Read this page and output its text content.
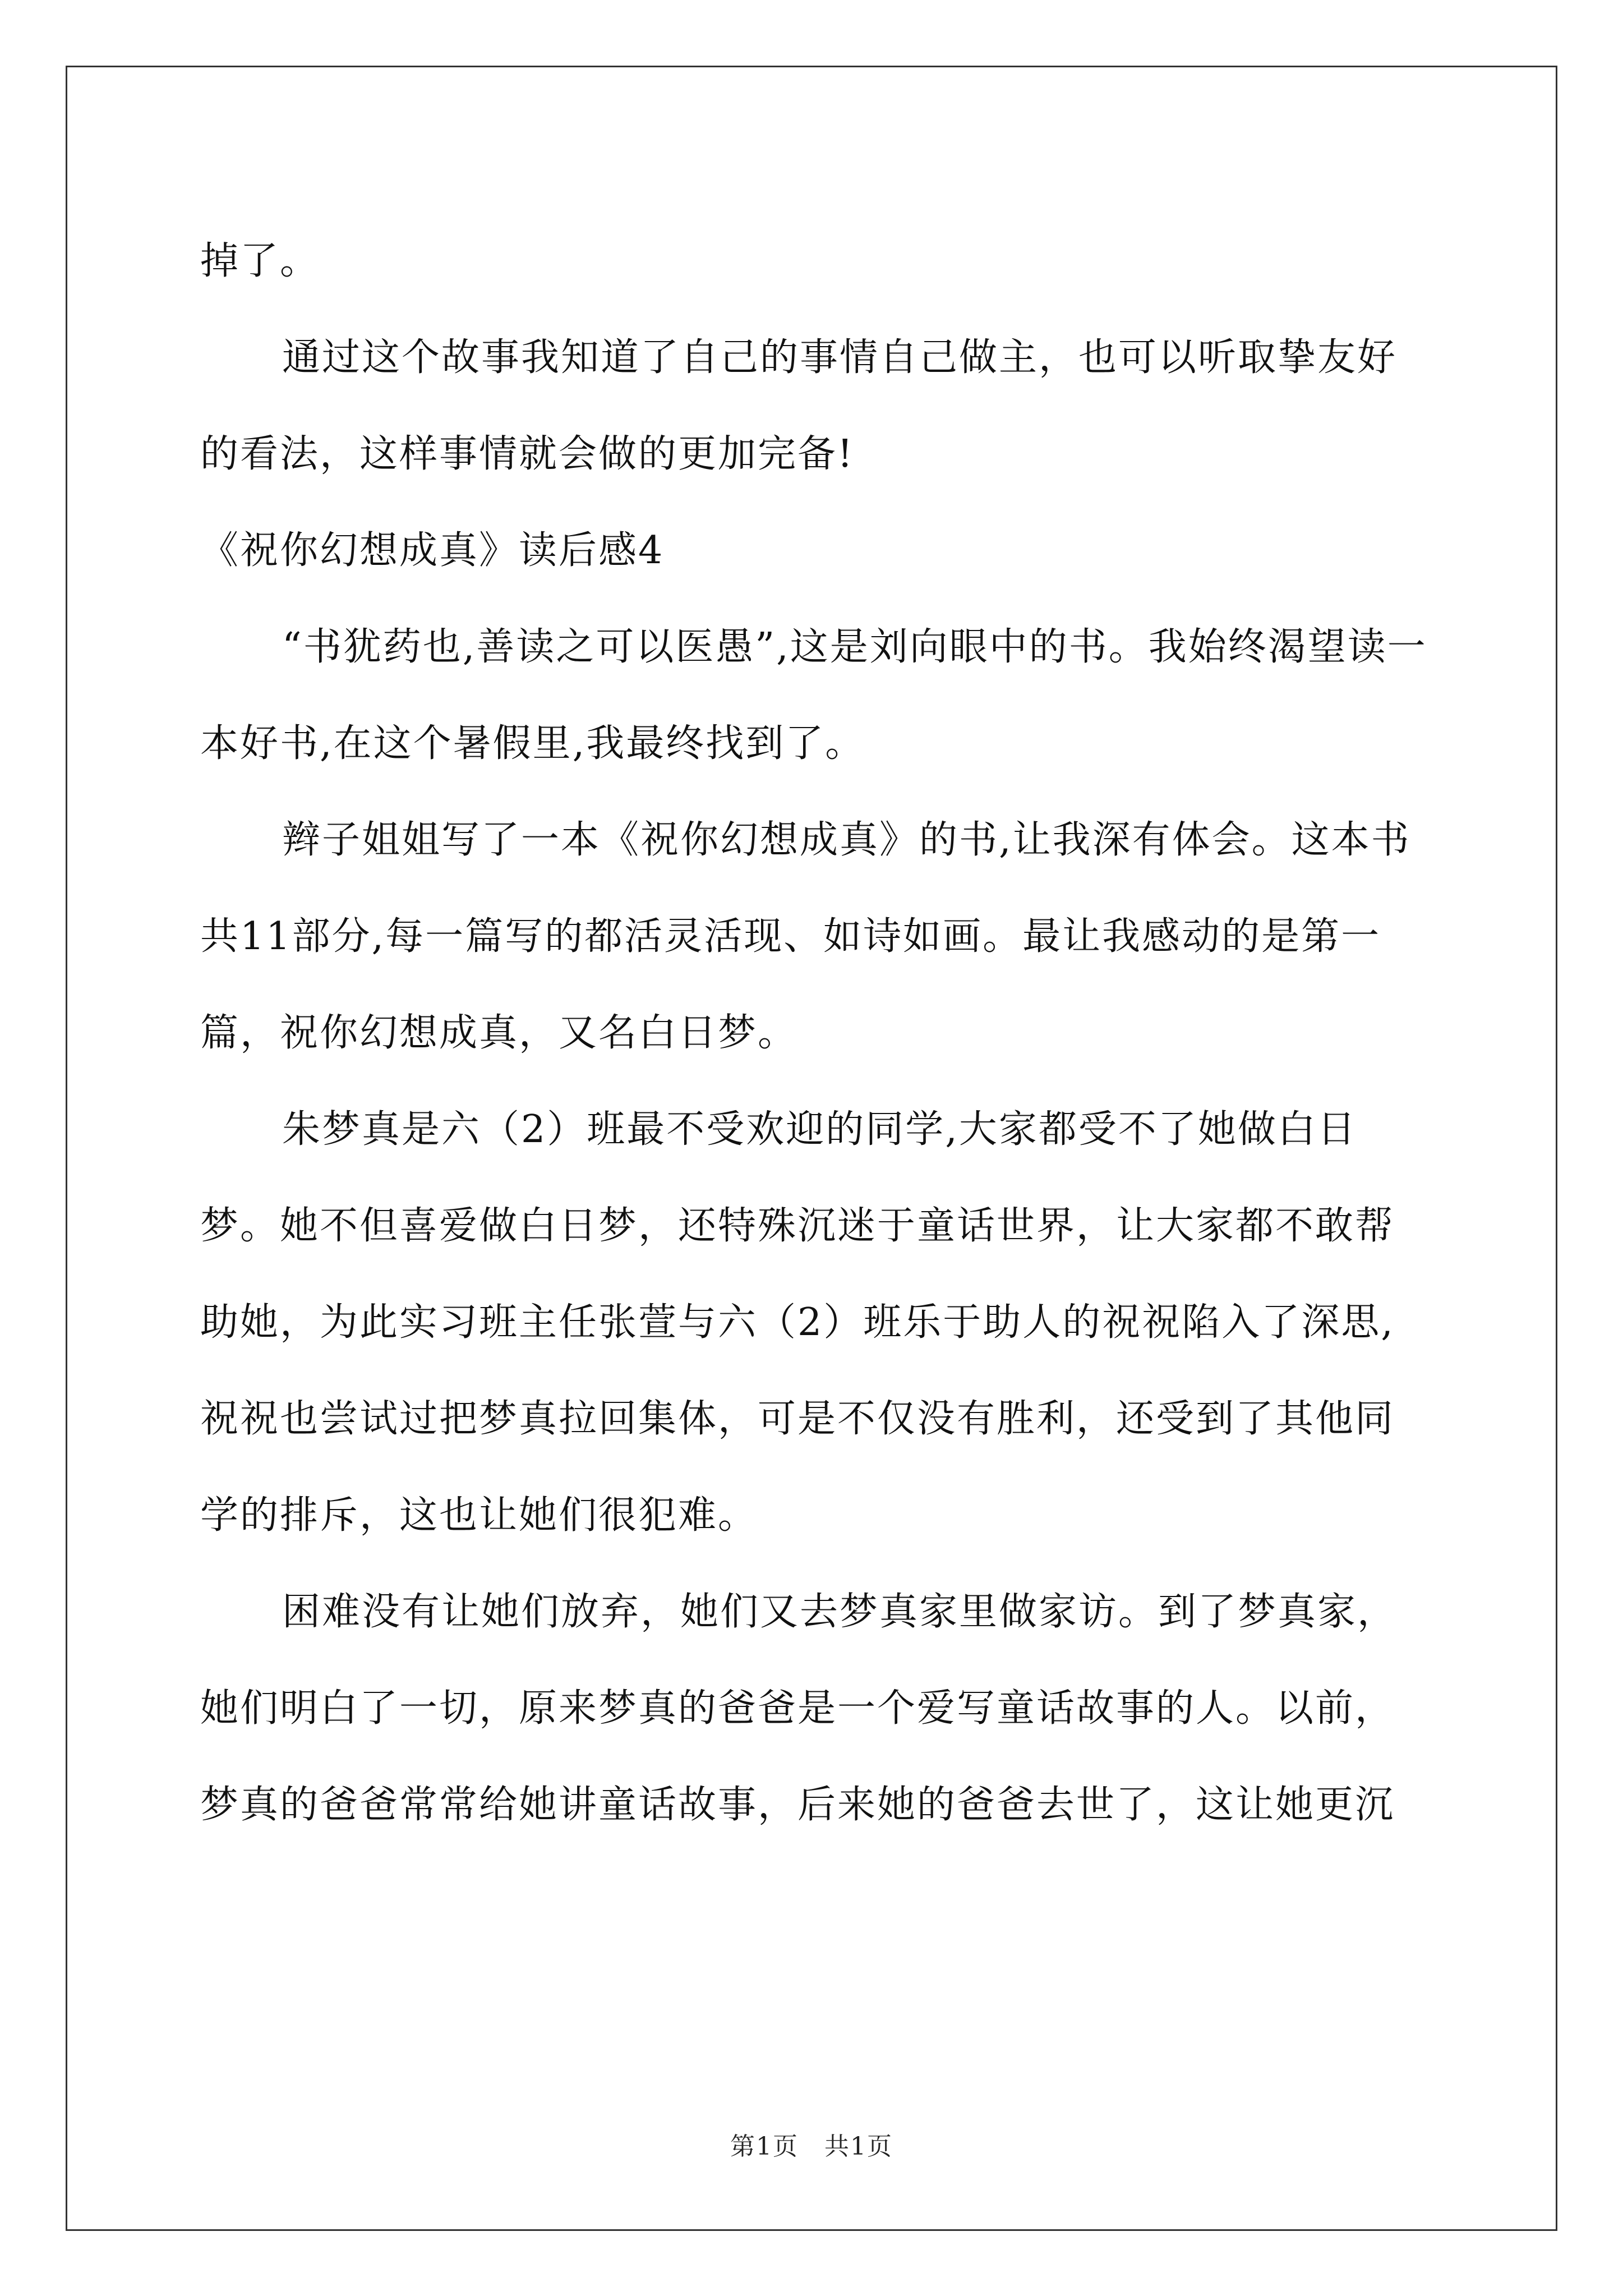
掉了。

通过这个故事我知道了自己的事情自己做主，也可以听取挚友好的看法，这样事情就会做的更加完备!

《祝你幻想成真》读后感4

“书犹药也,善读之可以医愚”,这是刘向眼中的书。我始终渴望读一本好书,在这个暑假里,我最终找到了。

辫子姐姐写了一本《祝你幻想成真》的书,让我深有体会。这本书共11部分,每一篇写的都活灵活现、如诗如画。最让我感动的是第一篇，祝你幻想成真，又名白日梦。

朱梦真是六（2）班最不受欢迎的同学,大家都受不了她做白日梦。她不但喜爱做白日梦，还特殊沉迷于童话世界，让大家都不敢帮助她，为此实习班主任张萱与六（2）班乐于助人的祝祝陷入了深思,祝祝也尝试过把梦真拉回集体，可是不仅没有胜利，还受到了其他同学的排斥，这也让她们很犯难。

困难没有让她们放弃，她们又去梦真家里做家访。到了梦真家，她们明白了一切，原来梦真的爸爸是一个爱写童话故事的人。以前，梦真的爸爸常常给她讲童话故事，后来她的爸爸去世了，这让她更沉

第1页　共1页
